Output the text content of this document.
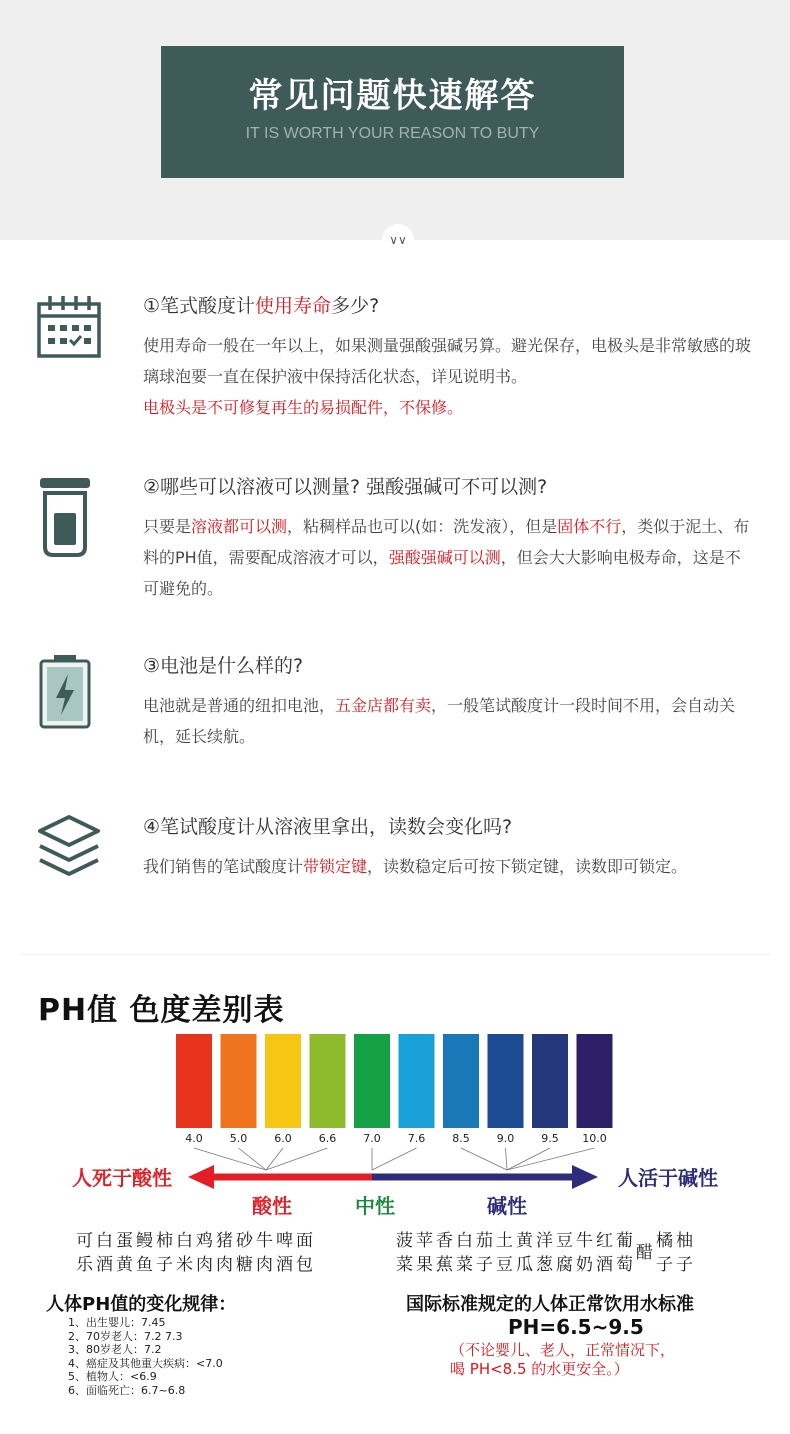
常见问题快速解答
IT IS WORTH YOUR REASON TO BUTY
∨∨
①笔式酸度计使用寿命多少?
使用寿命一般在一年以上，如果测量强酸强碱另算。避光保存，电极头是非常敏感的玻璃球泡要一直在保护液中保持活化状态，详见说明书。
电极头是不可修复再生的易损配件，不保修。
②哪些可以溶液可以测量? 强酸强碱可不可以测?
只要是溶液都可以测，粘稠样品也可以(如：洗发液），但是固体不行，类似于泥土、布料的PH值，需要配成溶液才可以，强酸强碱可以测，但会大大影响电极寿命，这是不可避免的。
③电池是什么样的?
电池就是普通的纽扣电池，五金店都有卖，一般笔试酸度计一段时间不用，会自动关机，延长续航。
④笔试酸度计从溶液里拿出，读数会变化吗?
我们销售的笔试酸度计带锁定键，读数稳定后可按下锁定键，读数即可锁定。
PH值 色度差别表
4.0 5.0 6.0 6.6 7.0 7.6 8.5 9.0 9.5 10.0
人死于酸性	人活于碱性
酸性	中性	碱性
可白蛋鳗柿白鸡猪砂牛啤面
乐酒黄鱼子米肉肉糖肉酒包
菠苹香白茄土黄洋豆牛红葡
菜果蕉菜子豆瓜葱腐奶酒萄
醋
橘柚
子子
人体PH值的变化规律：
1、出生婴儿：7.45
2、70岁老人：7.2 7.3
3、80岁老人：7.2
4、癌症及其他重大疾病：<7.0
5、植物人：<6.9
6、面临死亡：6.7~6.8
国际标准规定的人体正常饮用水标准
PH=6.5~9.5
（不论婴儿、老人，正常情况下，
喝 PH<8.5 的水更安全。）
